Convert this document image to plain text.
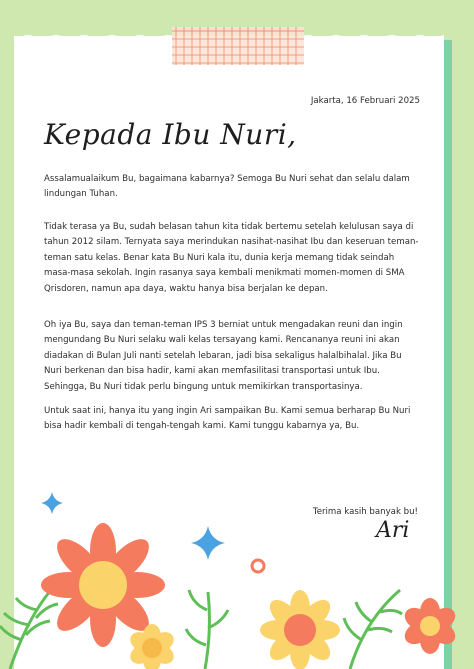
Jakarta, 16 Februari 2025
Kepada Ibu Nuri,
Assalamualaikum Bu, bagaimana kabarnya? Semoga Bu Nuri sehat dan selalu dalam lindungan Tuhan.
Tidak terasa ya Bu, sudah belasan tahun kita tidak bertemu setelah kelulusan saya di tahun 2012 silam. Ternyata saya merindukan nasihat-nasihat Ibu dan keseruan teman-teman satu kelas. Benar kata Bu Nuri kala itu, dunia kerja memang tidak seindah masa-masa sekolah. Ingin rasanya saya kembali menikmati momen-momen di SMA Qrisdoren, namun apa daya, waktu hanya bisa berjalan ke depan.
Oh iya Bu, saya dan teman-teman IPS 3 berniat untuk mengadakan reuni dan ingin mengundang Bu Nuri selaku wali kelas tersayang kami. Rencananya reuni ini akan diadakan di Bulan Juli nanti setelah lebaran, jadi bisa sekaligus halalbihalal. Jika Bu Nuri berkenan dan bisa hadir, kami akan memfasilitasi transportasi untuk Ibu. Sehingga, Bu Nuri tidak perlu bingung untuk memikirkan transportasinya.
Untuk saat ini, hanya itu yang ingin Ari sampaikan Bu. Kami semua berharap Bu Nuri bisa hadir kembali di tengah-tengah kami. Kami tunggu kabarnya ya, Bu.
Terima kasih banyak bu!
Ari
